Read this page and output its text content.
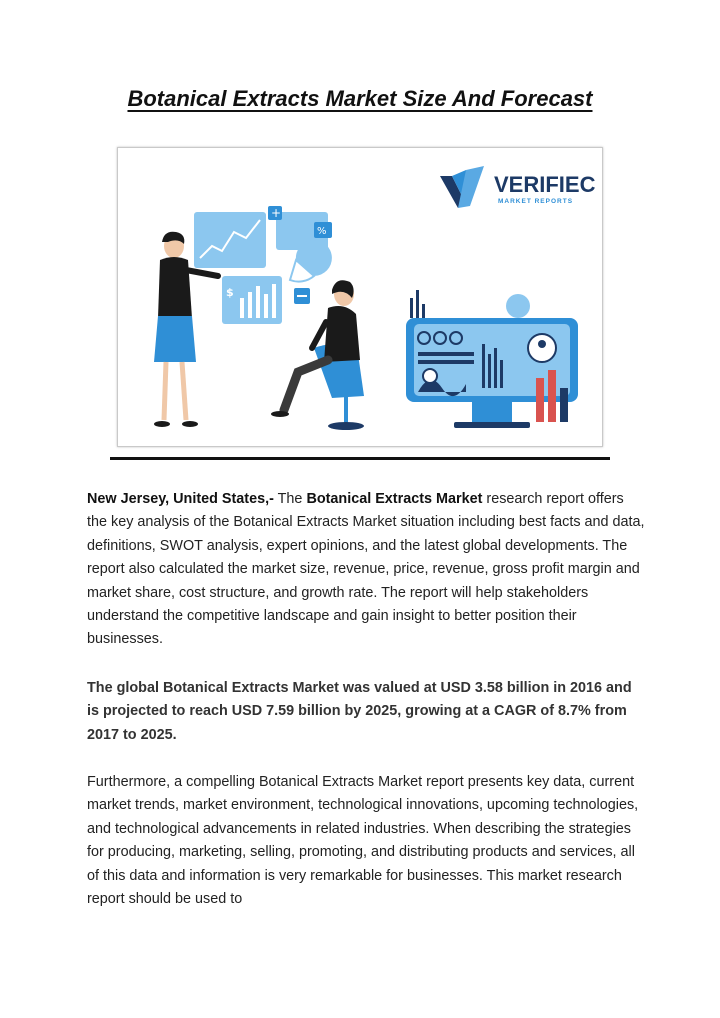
Botanical Extracts Market Size And Forecast
VERIFIEC
MARKET REPORTS
+
%
$

New Jersey, United States,- The Botanical Extracts Market research report offers the key analysis of the Botanical Extracts Market situation including best facts and data, definitions, SWOT analysis, expert opinions, and the latest global developments. The report also calculated the market size, revenue, price, revenue, gross profit margin and market share, cost structure, and growth rate. The report will help stakeholders understand the competitive landscape and gain insight to better position their businesses.

The global Botanical Extracts Market was valued at USD 3.58 billion in 2016 and is projected to reach USD 7.59 billion by 2025, growing at a CAGR of 8.7% from 2017 to 2025.

Furthermore, a compelling Botanical Extracts Market report presents key data, current market trends, market environment, technological innovations, upcoming technologies, and technological advancements in related industries. When describing the strategies for producing, marketing, selling, promoting, and distributing products and services, all of this data and information is very remarkable for businesses. This market research report should be used to
